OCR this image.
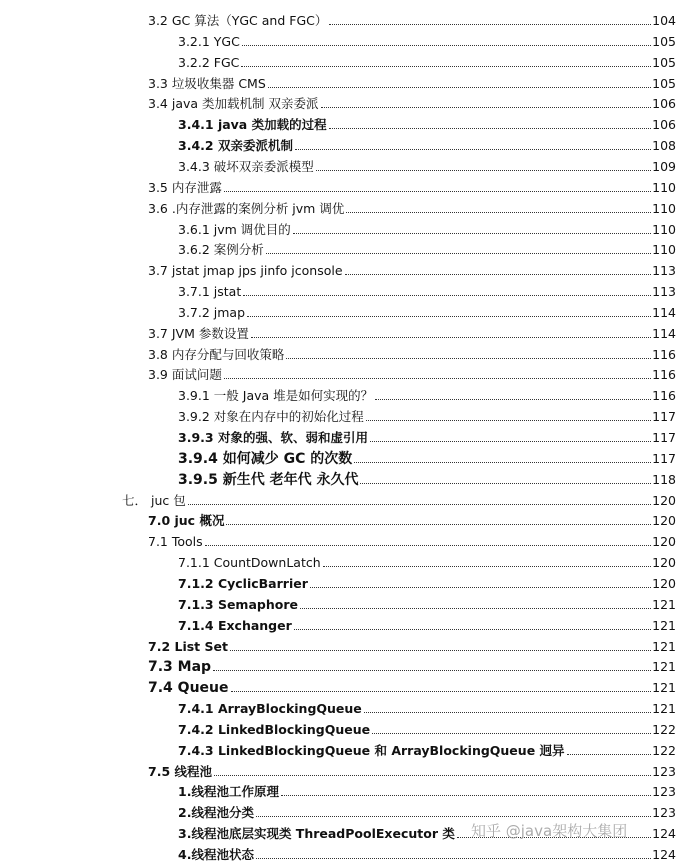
3.2 GC 算法（YGC and FGC）	104
3.2.1 YGC	105
3.2.2 FGC	105
3.3 垃圾收集器 CMS	105
3.4 java 类加载机制 双亲委派	106
3.4.1 java 类加载的过程	106
3.4.2 双亲委派机制	108
3.4.3 破坏双亲委派模型	109
3.5 内存泄露	110
3.6 .内存泄露的案例分析 jvm 调优	110
3.6.1 jvm 调优目的	110
3.6.2 案例分析	110
3.7 jstat jmap jps jinfo jconsole	113
3.7.1 jstat	113
3.7.2 jmap	114
3.7 JVM 参数设置	114
3.8 内存分配与回收策略	116
3.9 面试问题	116
3.9.1 一般 Java 堆是如何实现的？	116
3.9.2 对象在内存中的初始化过程	117
3.9.3 对象的强、软、弱和虚引用	117
3.9.4 如何减少 GC 的次数	117
3.9.5 新生代 老年代 永久代	118
七． juc 包	120
7.0 juc 概况	120
7.1 Tools	120
7.1.1 CountDownLatch	120
7.1.2 CyclicBarrier	120
7.1.3 Semaphore	121
7.1.4 Exchanger	121
7.2 List Set	121
7.3 Map	121
7.4 Queue	121
7.4.1 ArrayBlockingQueue	121
7.4.2 LinkedBlockingQueue	122
7.4.3 LinkedBlockingQueue 和 ArrayBlockingQueue 迥异	122
7.5 线程池	123
1.线程池工作原理	123
2.线程池分类	123
3.线程池底层实现类 ThreadPoolExecutor 类	124
4.线程池状态	124
知乎 @java架构大集团
